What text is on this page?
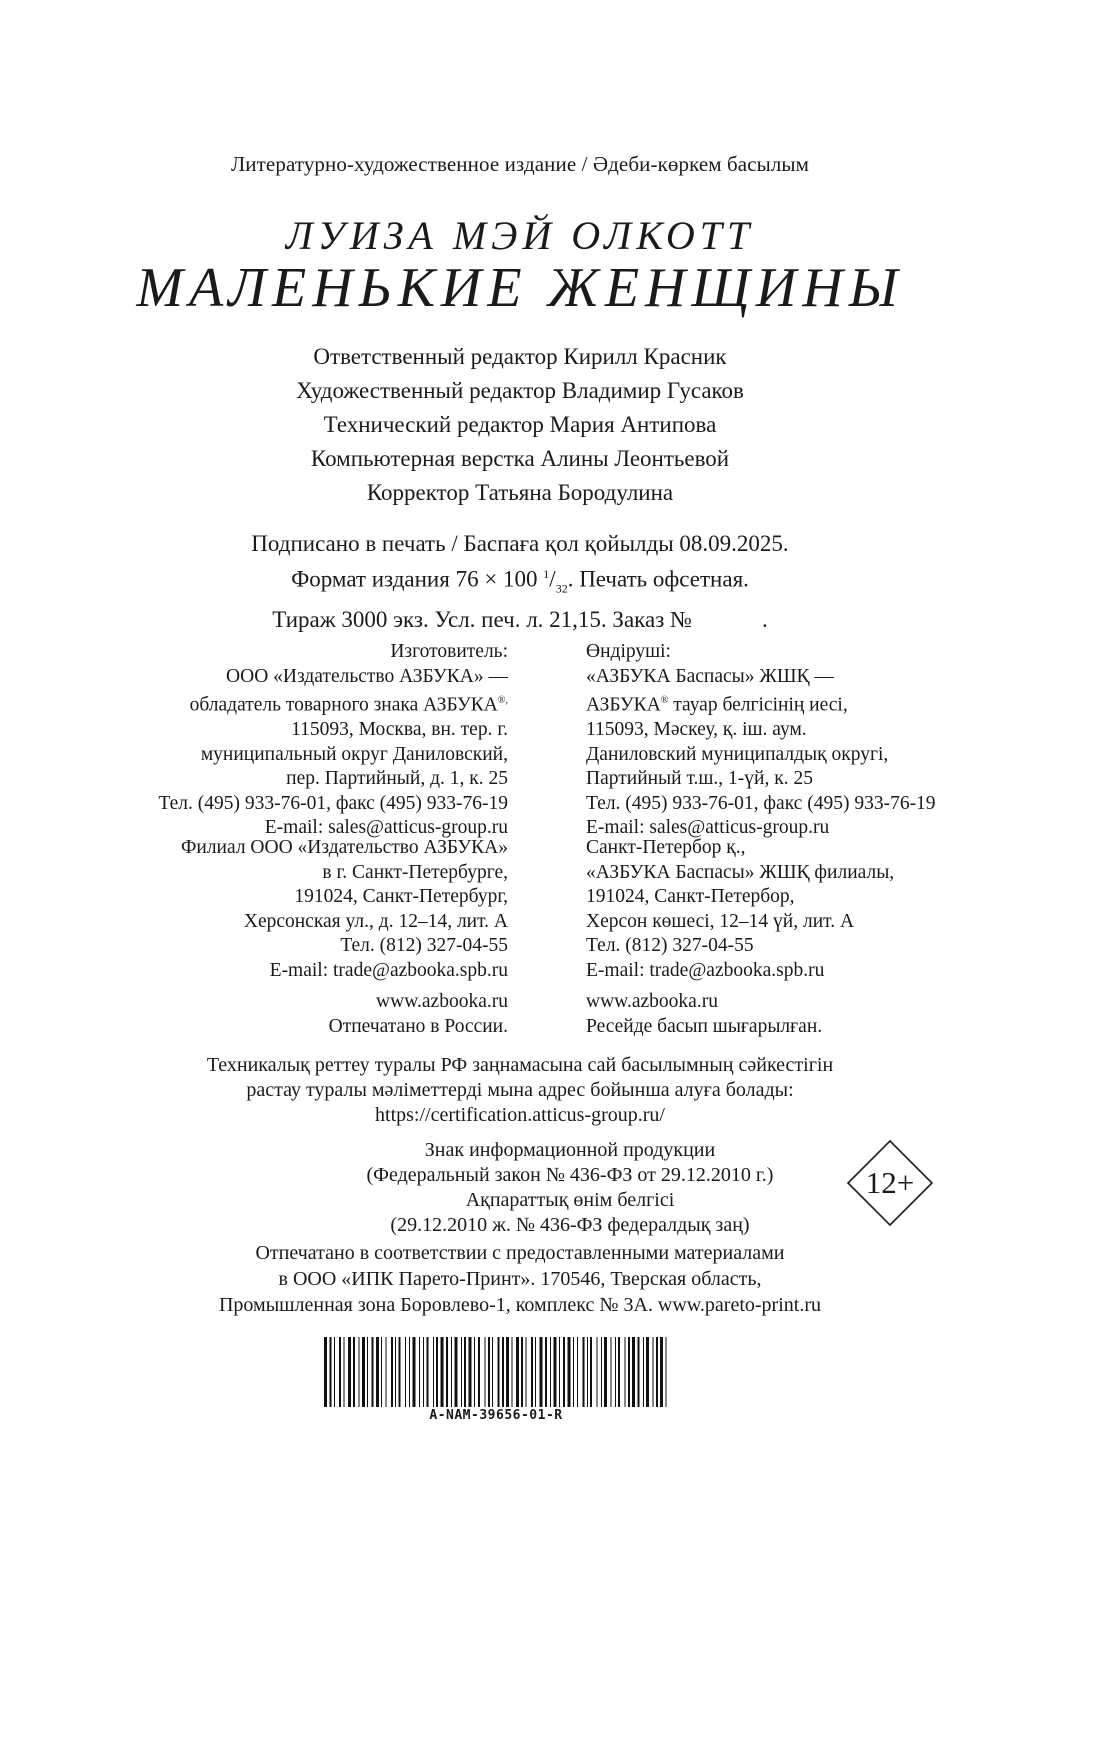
Литературно-художественное издание / Әдеби-көркем басылым
ЛУИЗА МЭЙ ОЛКОТТ
МАЛЕНЬКИЕ ЖЕНЩИНЫ
Ответственный редактор Кирилл Красник
Художественный редактор Владимир Гусаков
Технический редактор Мария Антипова
Компьютерная верстка Алины Леонтьевой
Корректор Татьяна Бородулина
Подписано в печать / Баспаға қол қойылды 08.09.2025.
Формат издания 76 × 100 $^1/_{32}$. Печать офсетная.
Тираж 3000 экз. Усл. печ. л. 21,15. Заказ №	.
Изготовитель:
ООО «Издательство АЗБУКА» —
обладатель товарного знака АЗБУКА®,
115093, Москва, вн. тер. г.
муниципальный округ Даниловский,
пер. Партийный, д. 1, к. 25
Тел. (495) 933-76-01, факс (495) 933-76-19
E-mail: sales@atticus-group.ru
Өндіруші:
«АЗБУКА Баспасы» ЖШҚ —
АЗБУКА® тауар белгісінің иесі,
115093, Мәскеу, қ. іш. аум.
Даниловский муниципалдық округі,
Партийный т.ш., 1-үй, к. 25
Тел. (495) 933-76-01, факс (495) 933-76-19
E-mail: sales@atticus-group.ru
Филиал ООО «Издательство АЗБУКА»
в г. Санкт-Петербурге,
191024, Санкт-Петербург,
Херсонская ул., д. 12–14, лит. А
Тел. (812) 327-04-55
E-mail: trade@azbooka.spb.ru
Санкт-Петербор қ.,
«АЗБУКА Баспасы» ЖШҚ филиалы,
191024, Санкт-Петербор,
Херсон көшесі, 12–14 үй, лит. А
Тел. (812) 327-04-55
E-mail: trade@azbooka.spb.ru
www.azbooka.ru
Отпечатано в России.
www.azbooka.ru
Ресейде басып шығарылған.
Техникалық реттеу туралы РФ заңнамасына сай басылымның сәйкестігін
растау туралы мәліметтерді мына адрес бойынша алуға болады:
https://certification.atticus-group.ru/
Знак информационной продукции
(Федеральный закон № 436-ФЗ от 29.12.2010 г.)
Ақпараттық өнім белгісі
(29.12.2010 ж. № 436-ФЗ федералдық заң)
12+
Отпечатано в соответствии с предоставленными материалами
в ООО «ИПК Парето-Принт». 170546, Тверская область,
Промышленная зона Боровлево-1, комплекс № 3А. www.pareto-print.ru
A-NAM-39656-01-R
